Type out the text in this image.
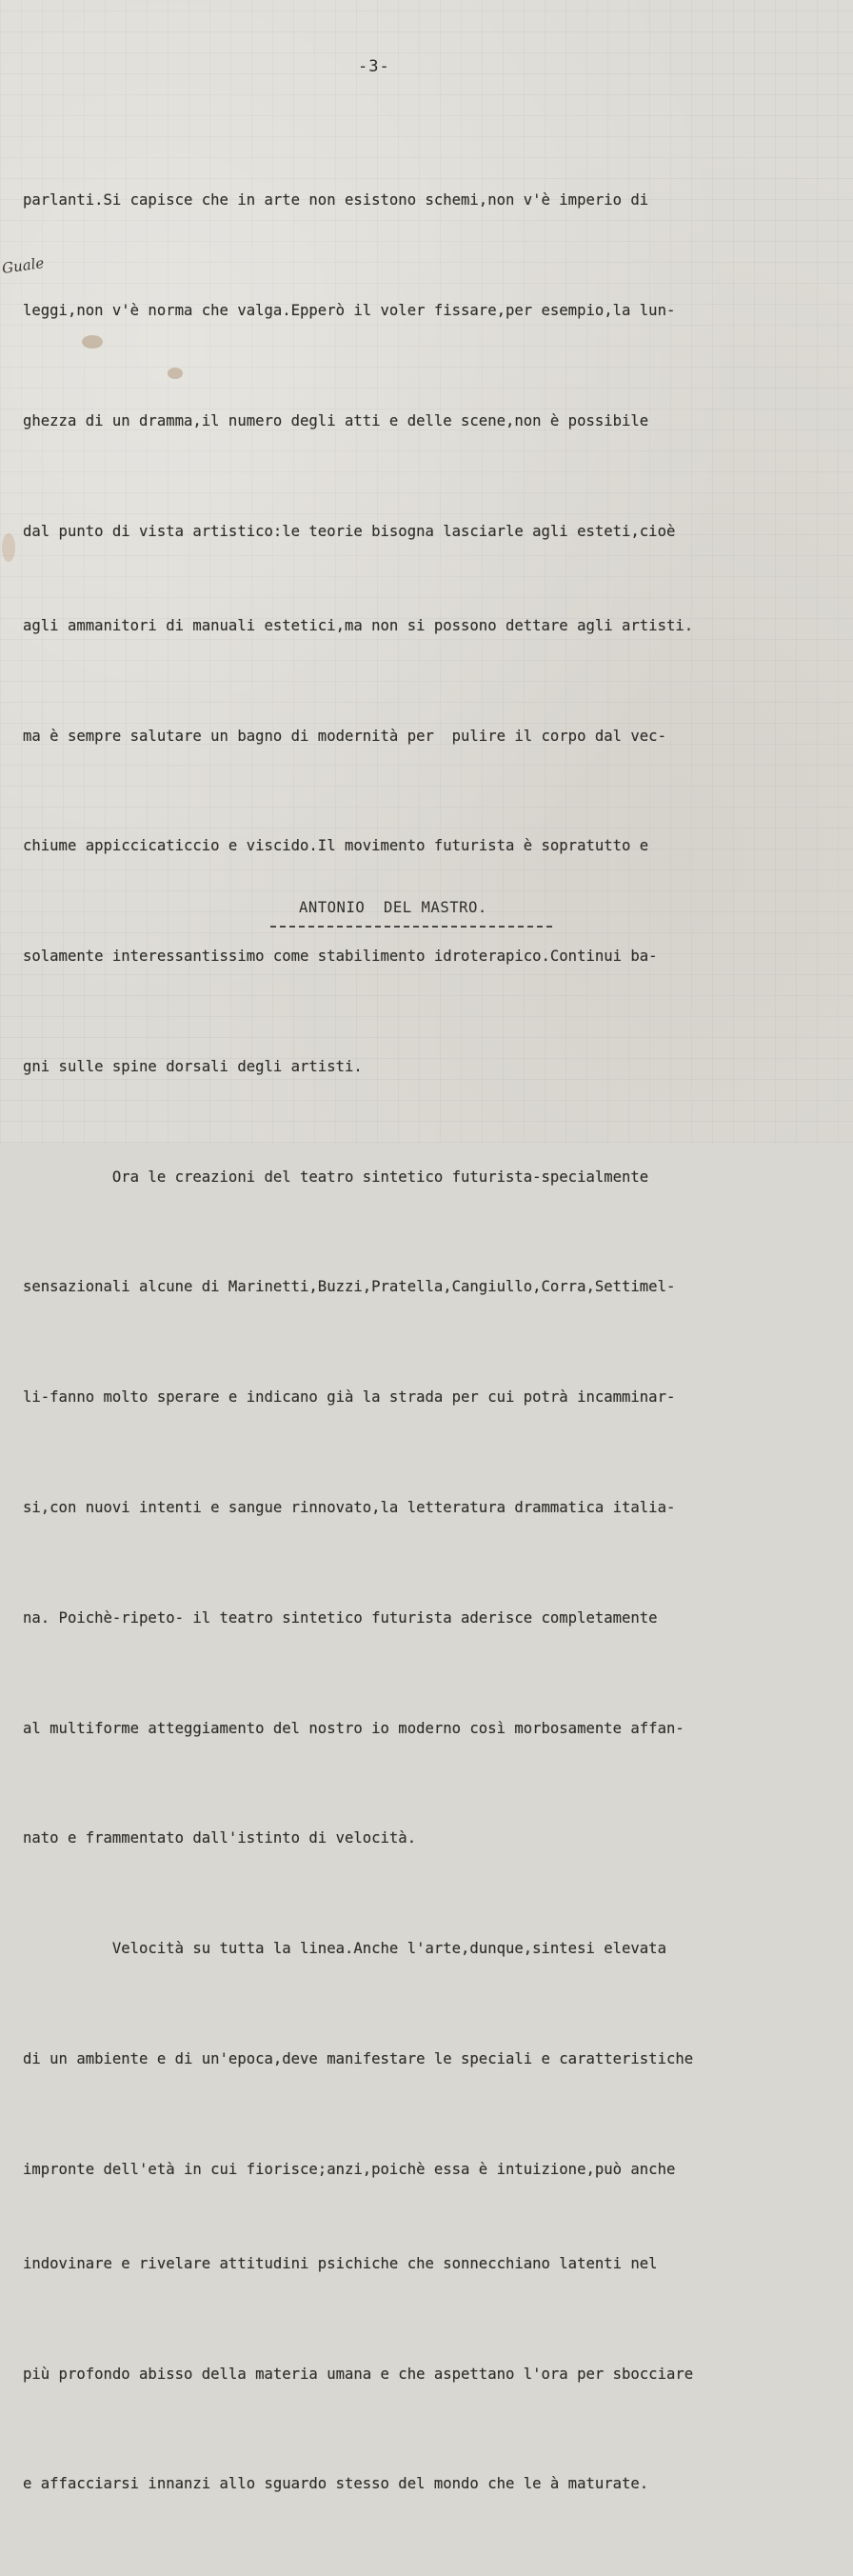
-3-
Guale

parlanti.Si capisce che in arte non esistono schemi,non v'è imperio di

leggi,non v'è norma che valga.Epperò il voler fissare,per esempio,la lun-

ghezza di un dramma,il numero degli atti e delle scene,non è possibile

dal punto di vista artistico:le teorie bisogna lasciarle agli esteti,cioè

agli ammanitori di manuali estetici,ma non si possono dettare agli artisti.

ma è sempre salutare un bagno di modernità per  pulire il corpo dal vec-

chiume appiccicaticcio e viscido.Il movimento futurista è sopratutto e

solamente interessantissimo come stabilimento idroterapico.Continui ba-

gni sulle spine dorsali degli artisti.

Ora le creazioni del teatro sintetico futurista-specialmente

sensazionali alcune di Marinetti,Buzzi,Pratella,Cangiullo,Corra,Settimel-

li-fanno molto sperare e indicano già la strada per cui potrà incamminar-

si,con nuovi intenti e sangue rinnovato,la letteratura drammatica italia-

na. Poichè-ripeto- il teatro sintetico futurista aderisce completamente

al multiforme atteggiamento del nostro io moderno così morbosamente affan-

nato e frammentato dall'istinto di velocità.

Velocità su tutta la linea.Anche l'arte,dunque,sintesi elevata

di un ambiente e di un'epoca,deve manifestare le speciali e caratteristiche

impronte dell'età in cui fiorisce;anzi,poichè essa è intuizione,può anche

indovinare e rivelare attitudini psichiche che sonnecchiano latenti nel

più profondo abisso della materia umana e che aspettano l'ora per sbocciare

e affacciarsi innanzi allo sguardo stesso del mondo che le à maturate.

ANTONIO  DEL MASTRO.
